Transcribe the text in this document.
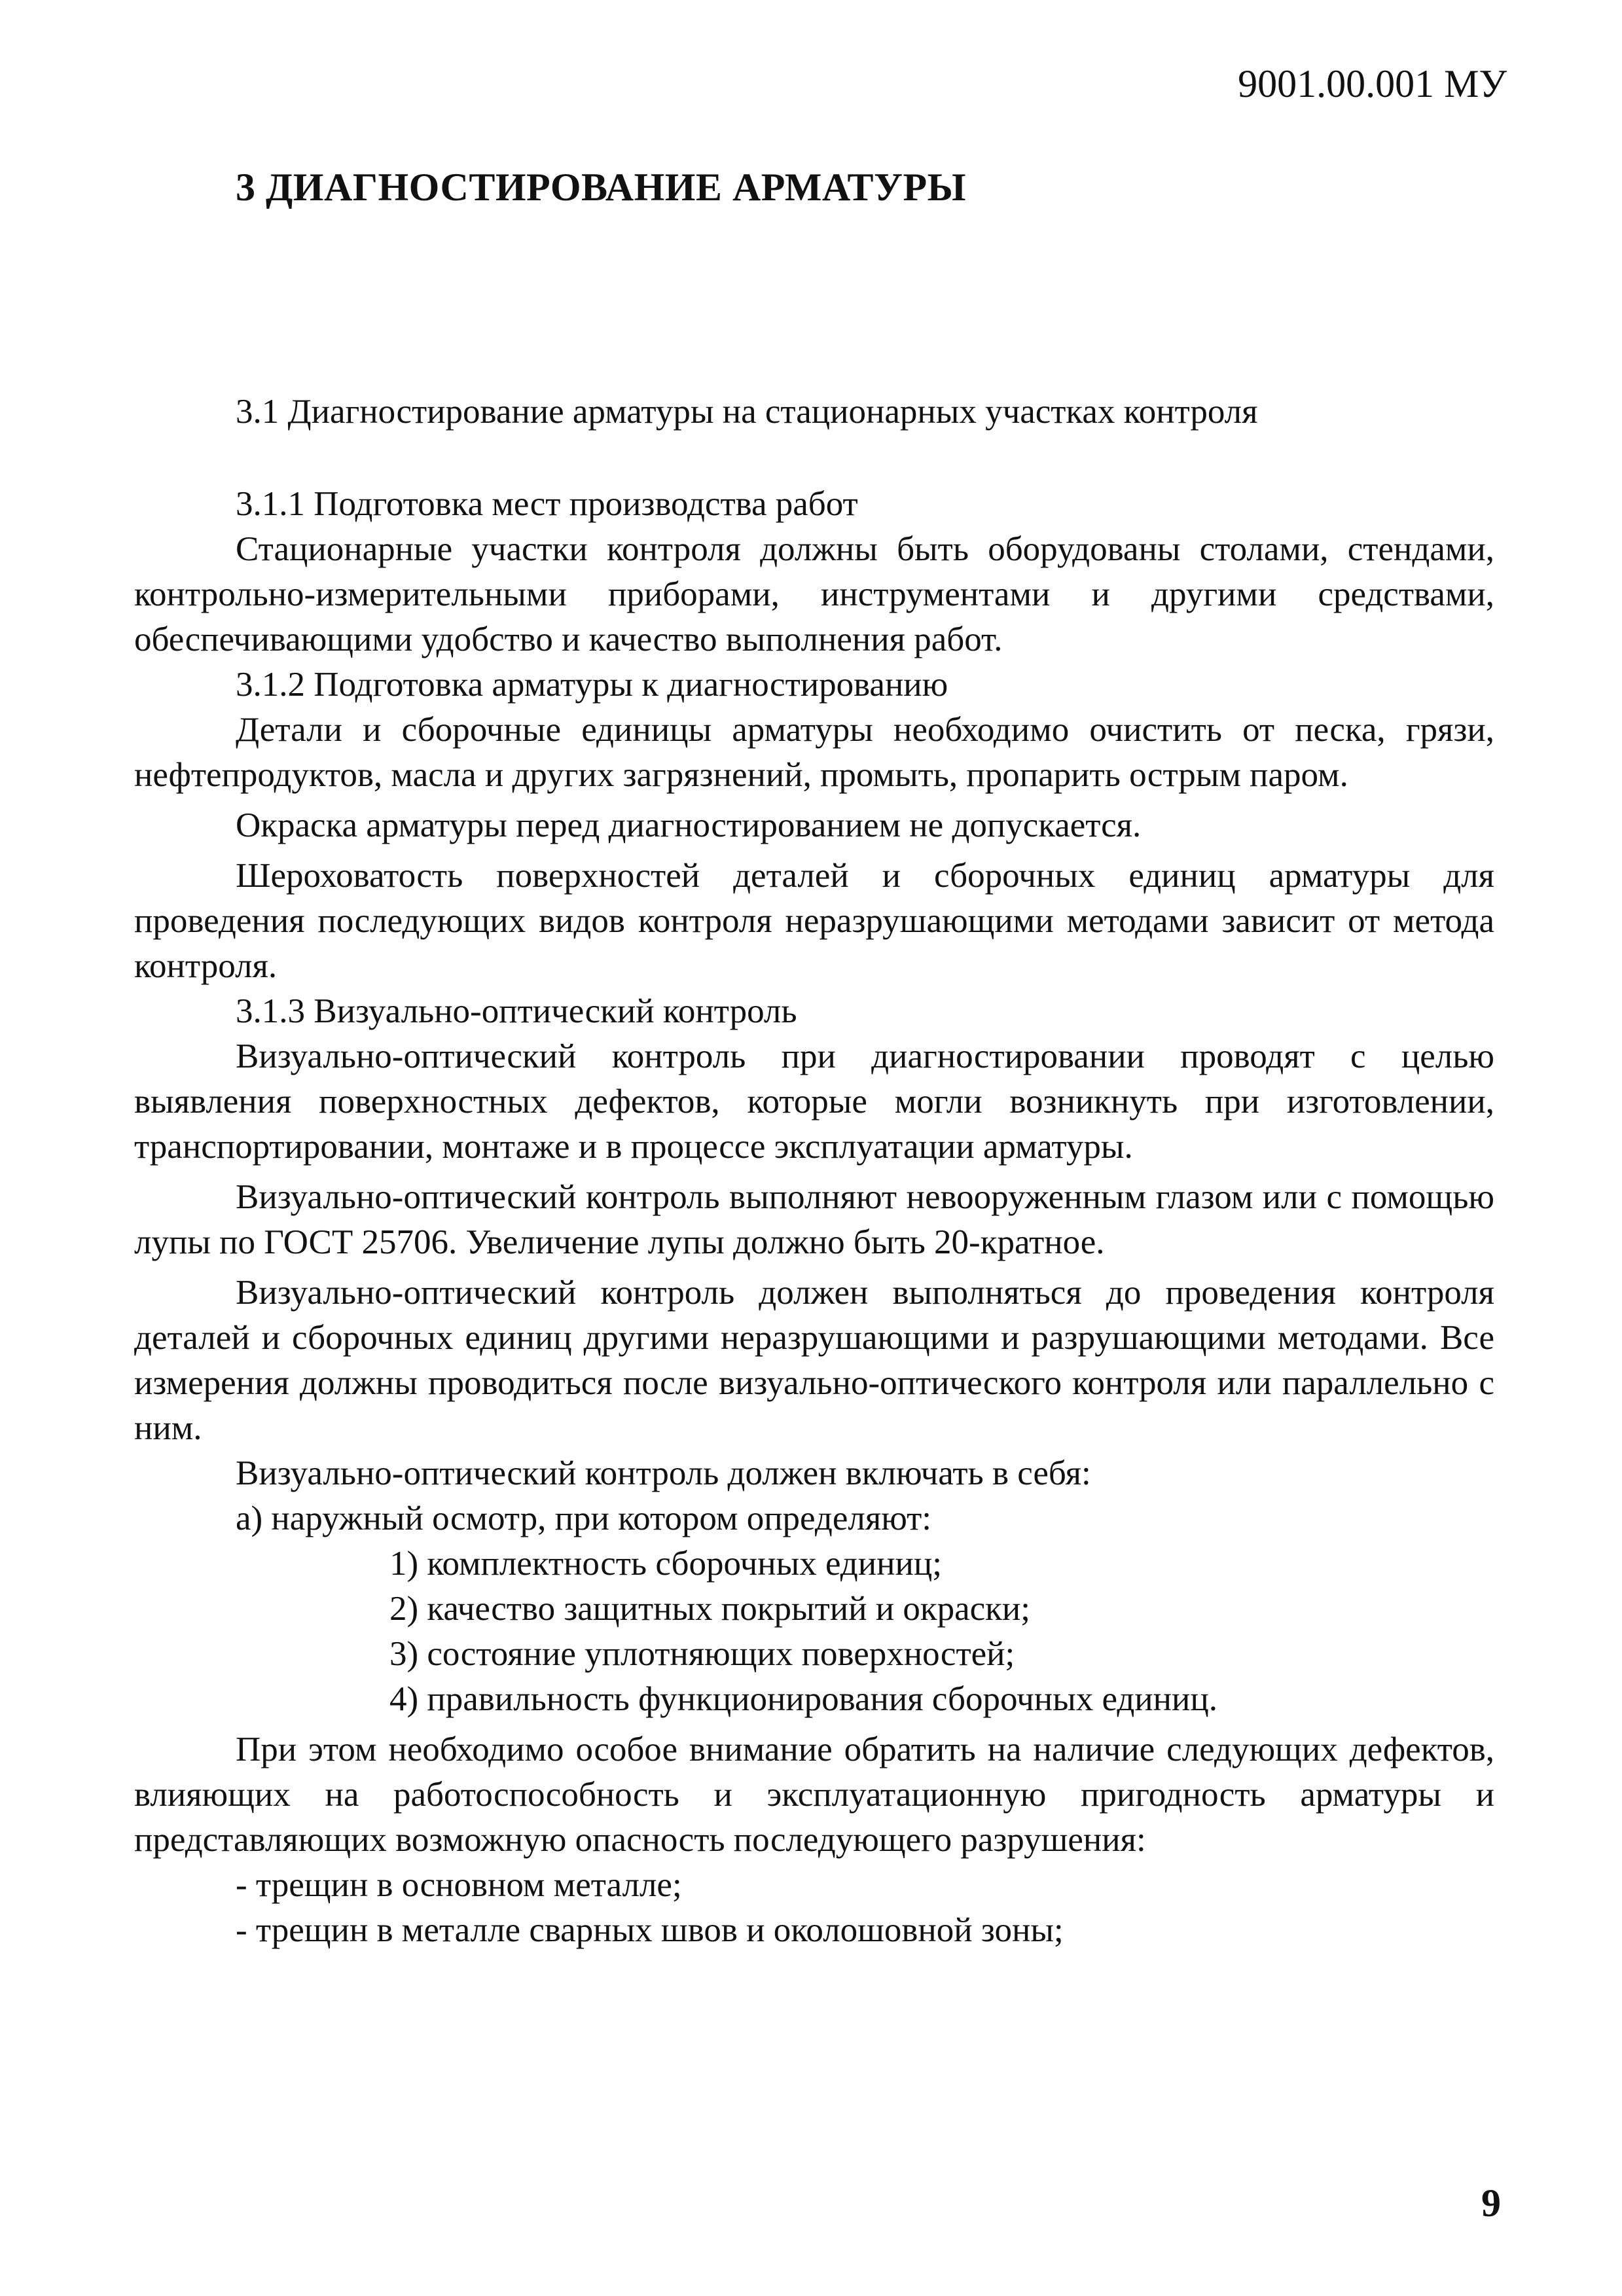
9001.00.001 МУ
3 ДИАГНОСТИРОВАНИЕ АРМАТУРЫ

3.1 Диагностирование арматуры на стационарных участках контроля

3.1.1 Подготовка мест производства работ

Стационарные участки контроля должны быть оборудованы столами, стендами, контрольно-измерительными приборами, инструментами и другими средствами, обеспечивающими удобство и качество выполнения работ.

3.1.2 Подготовка арматуры к диагностированию

Детали и сборочные единицы арматуры необходимо очистить от песка, грязи, нефтепродуктов, масла и других загрязнений, промыть, пропарить острым паром.

Окраска арматуры перед диагностированием не допускается.

Шероховатость поверхностей деталей и сборочных единиц арматуры для проведения последующих видов контроля неразрушающими методами зависит от метода контроля.

3.1.3 Визуально-оптический контроль

Визуально-оптический контроль при диагностировании проводят с целью выявления поверхностных дефектов, которые могли возникнуть при изготовлении, транспортировании, монтаже и в процессе эксплуатации арматуры.

Визуально-оптический контроль выполняют невооруженным глазом или с помощью лупы по ГОСТ 25706. Увеличение лупы должно быть 20-кратное.

Визуально-оптический контроль должен выполняться до проведения контроля деталей и сборочных единиц другими неразрушающими и разрушающими методами. Все измерения должны проводиться после визуально-оптического контроля или параллельно с ним.

Визуально-оптический контроль должен включать в себя:

а) наружный осмотр, при котором определяют:

1) комплектность сборочных единиц;

2) качество защитных покрытий и окраски;

3) состояние уплотняющих поверхностей;

4) правильность функционирования сборочных единиц.

При этом необходимо особое внимание обратить на наличие следующих дефектов, влияющих на работоспособность и эксплуатационную пригодность арматуры и представляющих возможную опасность последующего разрушения:

- трещин в основном металле;

- трещин в металле сварных швов и околошовной зоны;

9
